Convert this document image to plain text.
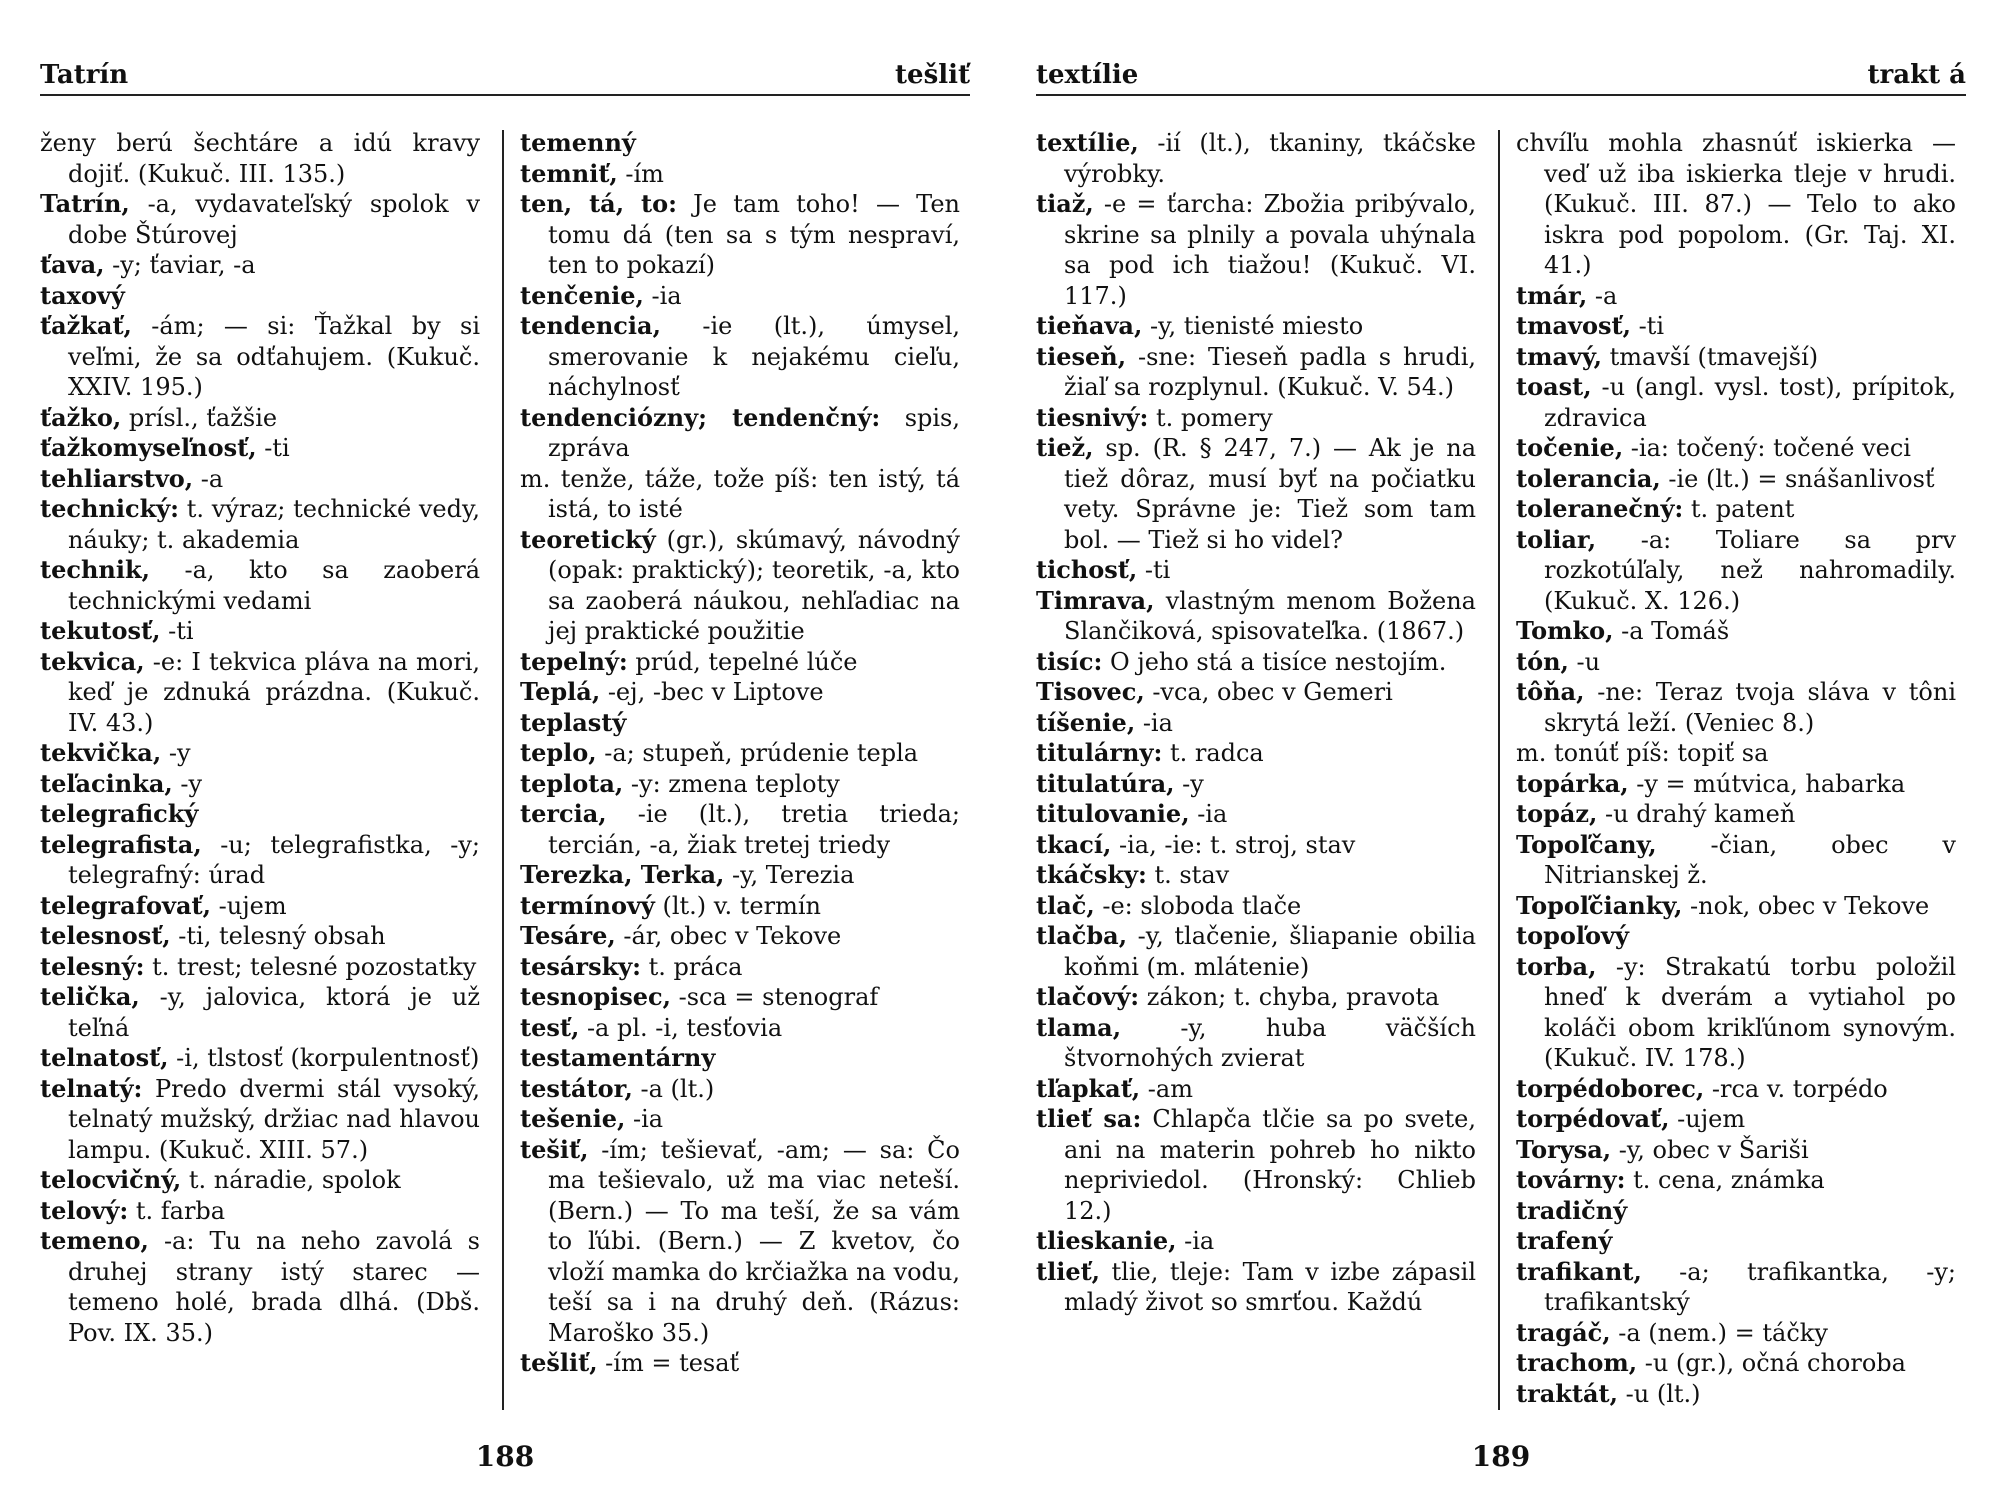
Tatrín	tešliť

ženy berú šechtáre a idú kravy dojiť. (Kukuč. III. 135.)

Tatrín, -a, vydavateľský spolok v dobe Štúrovej

ťava, -y; ťaviar, -a

taxový

ťažkať, -ám; — si: Ťažkal by si veľmi, že sa odťahujem. (Kukuč. XXIV. 195.)

ťažko, prísl., ťažšie

ťažkomyseľnosť, -ti

tehliarstvo, -a

technický: t. výraz; technické vedy, náuky; t. akademia

technik, -a, kto sa zaoberá technickými vedami

tekutosť, -ti

tekvica, -e: I tekvica pláva na mori, keď je zdnuká prázdna. (Kukuč. IV. 43.)

tekvička, -y

teľacinka, -y

telegrafický

telegrafista, -u; telegrafistka, -y; telegrafný: úrad

telegrafovať, -ujem

telesnosť, -ti, telesný obsah

telesný: t. trest; telesné pozostatky

telička, -y, jalovica, ktorá je už teľná

telnatosť, -i, tlstosť (korpulentnosť)

telnatý: Predo dvermi stál vysoký, telnatý mužský, držiac nad hlavou lampu. (Kukuč. XIII. 57.)

telocvičný, t. náradie, spolok

telový: t. farba

temeno, -a: Tu na neho zavolá s druhej strany istý starec — temeno holé, brada dlhá. (Dbš. Pov. IX. 35.)

temenný

temniť, -ím

ten, tá, to: Je tam toho! — Ten tomu dá (ten sa s tým nespraví, ten to pokazí)

tenčenie, -ia

tendencia, -ie (lt.), úmysel, smerovanie k nejakému cieľu, náchylnosť

tendenciózny; tendenčný: spis, zpráva

m. tenže, táže, tože píš: ten istý, tá istá, to isté

teoretický (gr.), skúmavý, návodný (opak: praktický); teoretik, -a, kto sa zaoberá náukou, nehľadiac na jej praktické použitie

tepelný: prúd, tepelné lúče

Teplá, -ej, -bec v Liptove

teplastý

teplo, -a; stupeň, prúdenie tepla

teplota, -y: zmena teploty

tercia, -ie (lt.), tretia trieda; tercián, -a, žiak tretej triedy

Terezka, Terka, -y, Terezia

termínový (lt.) v. termín

Tesáre, -ár, obec v Tekove

tesársky: t. práca

tesnopisec, -sca = stenograf

tesť, -a pl. -i, tesťovia

testamentárny

testátor, -a (lt.)

tešenie, -ia

tešiť, -ím; tešievať, -am; — sa: Čo ma tešievalo, už ma viac neteší. (Bern.) — To ma teší, že sa vám to ľúbi. (Bern.) — Z kvetov, čo vloží mamka do krčiažka na vodu, teší sa i na druhý deň. (Rázus: Maroško 35.)

tešliť, -ím = tesať

188
textílie	trakt á

textílie, -ií (lt.), tkaniny, tkáčske výrobky.

tiaž, -e = ťarcha: Zbožia pribývalo, skrine sa plnily a povala uhýnala sa pod ich tiažou! (Kukuč. VI. 117.)

tieňava, -y, tienisté miesto

tieseň, -sne: Tieseň padla s hrudi, žiaľ sa rozplynul. (Kukuč. V. 54.)

tiesnivý: t. pomery

tiež, sp. (R. § 247, 7.) — Ak je na tiež dôraz, musí byť na počiatku vety. Správne je: Tiež som tam bol. — Tiež si ho videl?

tichosť, -ti

Timrava, vlastným menom Božena Slančiková, spisovateľka. (1867.)

tisíc: O jeho stá a tisíce nestojím.

Tisovec, -vca, obec v Gemeri

tíšenie, -ia

titulárny: t. radca

titulatúra, -y

titulovanie, -ia

tkací, -ia, -ie: t. stroj, stav

tkáčsky: t. stav

tlač, -e: sloboda tlače

tlačba, -y, tlačenie, šliapanie obilia koňmi (m. mlátenie)

tlačový: zákon; t. chyba, pravota

tlama, -y, huba väčších štvornohých zvierat

tľapkať, -am

tlieť sa: Chlapča tlčie sa po svete, ani na materin pohreb ho nikto nepriviedol. (Hronský: Chlieb 12.)

tlieskanie, -ia

tlieť, tlie, tleje: Tam v izbe zápasil mladý život so smrťou. Každú

chvíľu mohla zhasnúť iskierka — veď už iba iskierka tleje v hrudi. (Kukuč. III. 87.) — Telo to ako iskra pod popolom. (Gr. Taj. XI. 41.)

tmár, -a

tmavosť, -ti

tmavý, tmavší (tmavejší)

toast, -u (angl. vysl. tost), prípitok, zdravica

točenie, -ia: točený: točené veci

tolerancia, -ie (lt.) = snášanlivosť

toleranečný: t. patent

toliar, -a: Toliare sa prv rozkotúľaly, než nahromadily. (Kukuč. X. 126.)

Tomko, -a Tomáš

tón, -u

tôňa, -ne: Teraz tvoja sláva v tôni skrytá leží. (Veniec 8.)

m. tonúť píš: topiť sa

topárka, -y = mútvica, habarka

topáz, -u drahý kameň

Topoľčany, -čian, obec v Nitrianskej ž.

Topoľčianky, -nok, obec v Tekove

topoľový

torba, -y: Strakatú torbu položil hneď k dverám a vytiahol po koláči obom krikľúnom synovým. (Kukuč. IV. 178.)

torpédoborec, -rca v. torpédo

torpédovať, -ujem

Torysa, -y, obec v Šariši

továrny: t. cena, známka

tradičný

trafený

trafikant, -a; trafikantka, -y; trafikantský

tragáč, -a (nem.) = táčky

trachom, -u (gr.), očná choroba

traktát, -u (lt.)

189
